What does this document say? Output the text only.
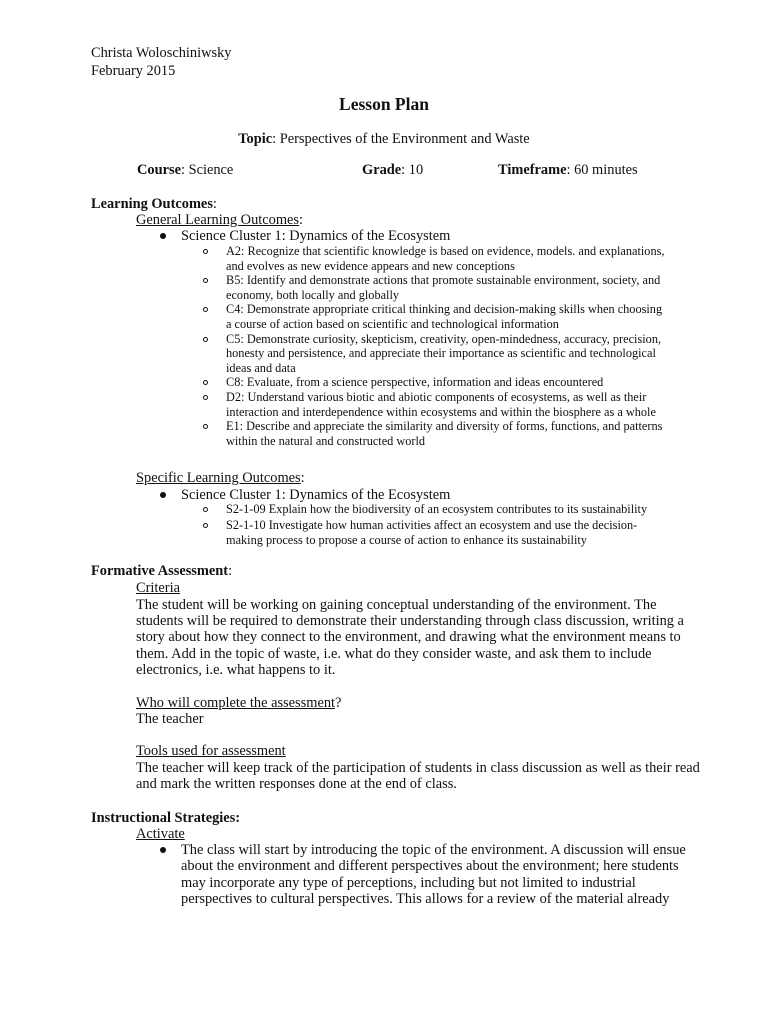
Christa Woloschiniwsky
February 2015
Lesson Plan
Topic: Perspectives of the Environment and Waste
Course: Science	Grade: 10	Timeframe: 60 minutes
Learning Outcomes:
General Learning Outcomes:
Science Cluster 1: Dynamics of the Ecosystem
A2: Recognize that scientific knowledge is based on evidence, models. and explanations,
and evolves as new evidence appears and new conceptions
B5: Identify and demonstrate actions that promote sustainable environment, society, and
economy, both locally and globally
C4: Demonstrate appropriate critical thinking and decision-making skills when choosing
a course of action based on scientific and technological information
C5: Demonstrate curiosity, skepticism, creativity, open-mindedness, accuracy, precision,
honesty and persistence, and appreciate their importance as scientific and technological
ideas and data
C8: Evaluate, from a science perspective, information and ideas encountered
D2: Understand various biotic and abiotic components of ecosystems, as well as their
interaction and interdependence within ecosystems and within the biosphere as a whole
E1: Describe and appreciate the similarity and diversity of forms, functions, and patterns
within the natural and constructed world
Specific Learning Outcomes:
Science Cluster 1: Dynamics of the Ecosystem
S2-1-09 Explain how the biodiversity of an ecosystem contributes to its sustainability
S2-1-10 Investigate how human activities affect an ecosystem and use the decision-
making process to propose a course of action to enhance its sustainability
Formative Assessment:
Criteria
The student will be working on gaining conceptual understanding of the environment. The
students will be required to demonstrate their understanding through class discussion, writing a
story about how they connect to the environment, and drawing what the environment means to
them. Add in the topic of waste, i.e. what do they consider waste, and ask them to include
electronics, i.e. what happens to it.
Who will complete the assessment?
The teacher
Tools used for assessment
The teacher will keep track of the participation of students in class discussion as well as their read
and mark the written responses done at the end of class.
Instructional Strategies:
Activate
The class will start by introducing the topic of the environment. A discussion will ensue
about the environment and different perspectives about the environment; here students
may incorporate any type of perceptions, including but not limited to industrial
perspectives to cultural perspectives. This allows for a review of the material already
